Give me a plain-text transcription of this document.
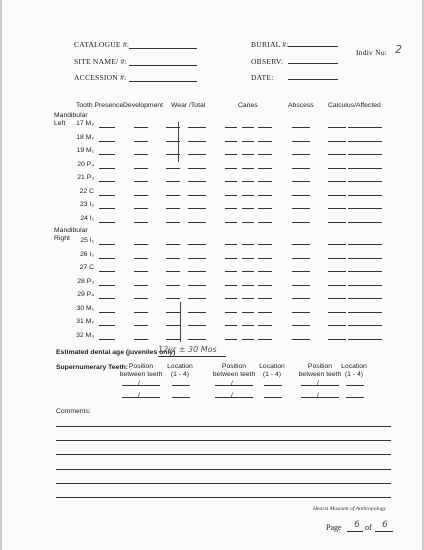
CATALOGUE #:
SITE NAME/ #:
ACCESSION #:
BURIAL #:
OBSERV:
DATE:
Indiv No: 2
Tooth Presence Development Wear /Total	Caries	Abscess Calculus/Affected
Mandibular
Left
Mandibular
Right
17 M₃
18 M₂
19 M₁
20 P₄
21 P₃
22 C
23 I₂
24 I₁
25 I₁
26 I₂
27 C
28 P₃
29 P₄
30 M₁
31 M₂
32 M₃
Estimated dental age (juveniles only)
12yr ± 30 Mos
Supernumerary Teeth: Position
between teeth
Location
(1 - 4)
/
/
Position
between teeth
Location
(1 - 4)
/
/
Position
between teeth
Location
(1 - 4)
/
/
Comments:
Hearst Museum of Anthropology
Page 6 of 6
